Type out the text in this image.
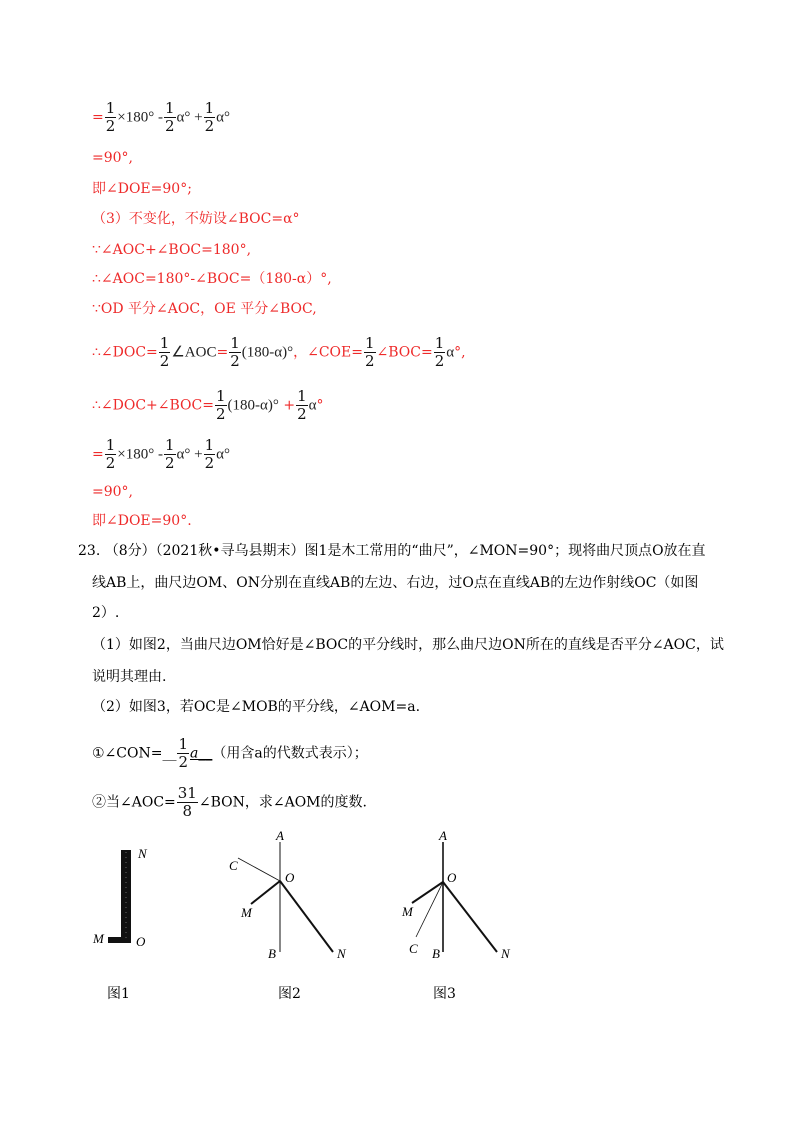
= $\frac{1}{2} \times 180^\circ - \frac{1}{2} \alpha^\circ + \frac{1}{2} \alpha^\circ$
=90°,
即∠DOE=90°;
（3）不变化，不妨设∠BOC=α°
∵∠AOC+∠BOC=180°,
∴∠AOC=180°-∠BOC=（180-α）°,
∵OD 平分∠AOC，OE 平分∠BOC,
∴∠DOC= $\frac{1}{2}$ ∠AOC= $\frac{1}{2} (180-\alpha)^\circ$，∠COE= $\frac{1}{2}$ ∠BOC= $\frac{1}{2} \alpha^\circ$,
∴∠DOC+∠BOC= $\frac{1}{2} (180-\alpha)^\circ + \frac{1}{2} \alpha^\circ$
= $\frac{1}{2} \times 180^\circ - \frac{1}{2} \alpha^\circ + \frac{1}{2} \alpha^\circ$
=90°,
即∠DOE=90°.
23. （8分）（2021秋•寻乌县期末）图1是木工常用的“曲尺”，∠MON=90°；现将曲尺顶点O放在直
线AB上，曲尺边OM、ON分别在直线AB的左边、右边，过O点在直线AB的左边作射线OC（如图
2）.
（1）如图2，当曲尺边OM恰好是∠BOC的平分线时，那么曲尺边ON所在的直线是否平分∠AOC，试
说明其理由.
（2）如图3，若OC是∠MOB的平分线，∠AOM=a.
①∠CON=__ $\frac{1}{2}$ a__（用含a的代数式表示）；
②当∠AOC= $\frac{31}{8}$ ∠BON，求∠AOM的度数.
N
M O
A
C
O
M
B	N
A
O
M
C B	N
图1	图2	图3
